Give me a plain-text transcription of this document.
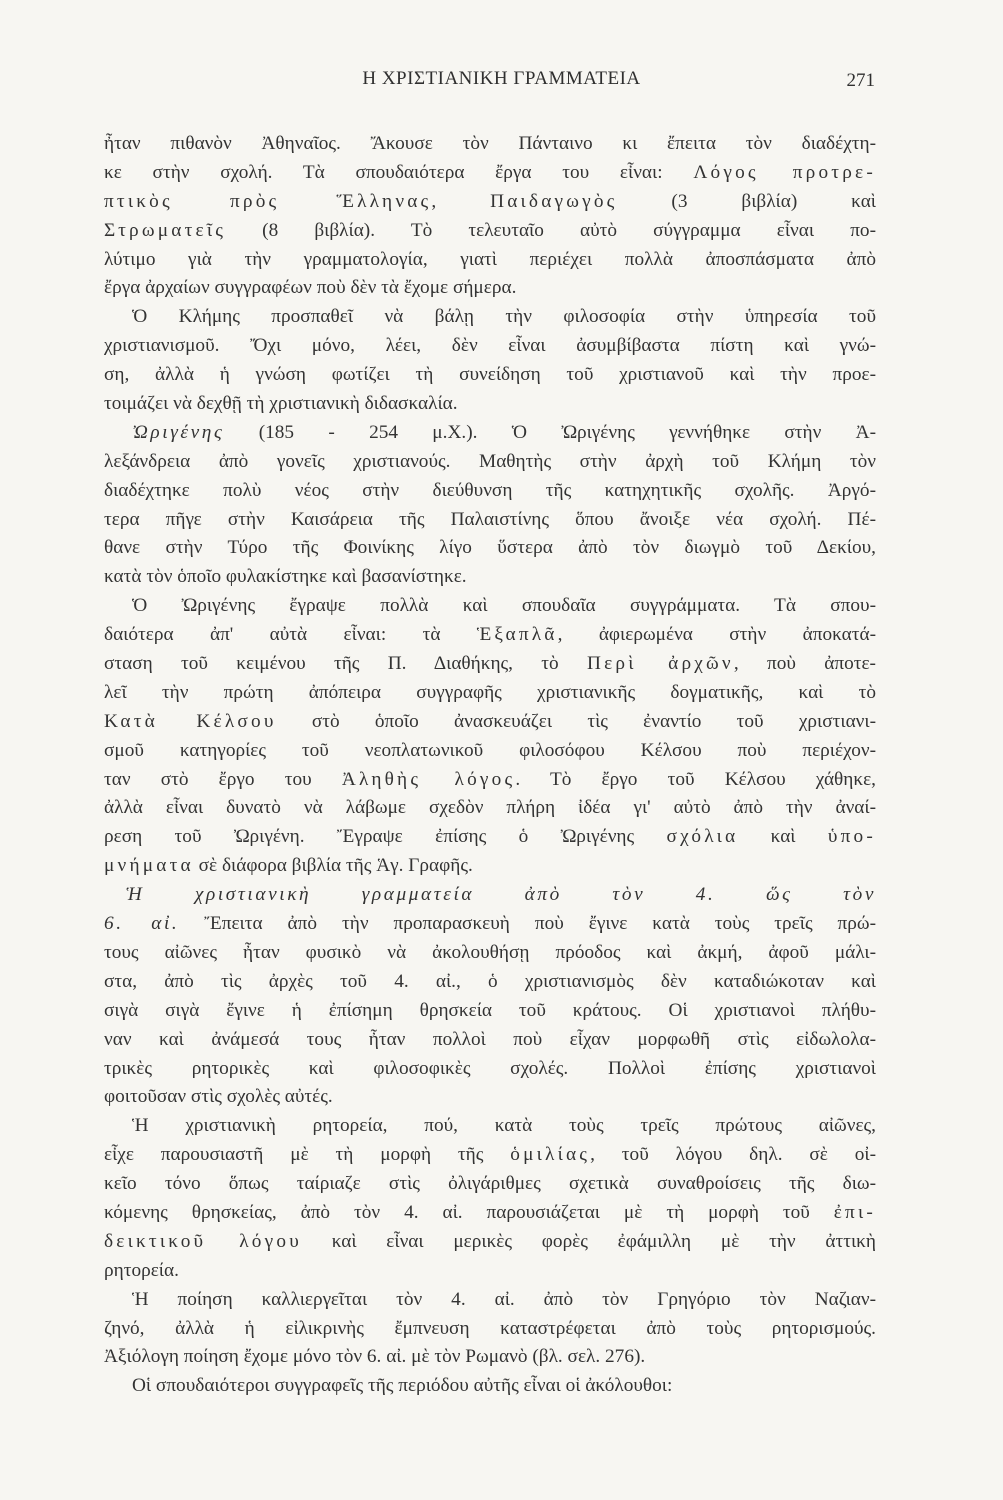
Η ΧΡΙΣΤΙΑΝΙΚΗ ΓΡΑΜΜΑΤΕΙΑ	271
ἦταν πιθανὸν Ἀθηναῖος. Ἄκουσε τὸν Πάνταινο κι ἔπειτα τὸν διαδέχτη-
κε στὴν σχολή. Τὰ σπουδαιότερα ἔργα του εἶναι: Λόγος προτρε-
πτικὸς πρὸς Ἕλληνας, Παιδαγωγὸς (3 βιβλία) καὶ
Στρωματεῖς (8 βιβλία). Τὸ τελευταῖο αὐτὸ σύγγραμμα εἶναι πο-
λύτιμο γιὰ τὴν γραμματολογία, γιατὶ περιέχει πολλὰ ἀποσπάσματα ἀπὸ
ἔργα ἀρχαίων συγγραφέων ποὺ δὲν τὰ ἔχομε σήμερα.
Ὁ Κλήμης προσπαθεῖ νὰ βάλῃ τὴν φιλοσοφία στὴν ὑπηρεσία τοῦ
χριστιανισμοῦ. Ὄχι μόνο, λέει, δὲν εἶναι ἀσυμβίβαστα πίστη καὶ γνώ-
ση, ἀλλὰ ἡ γνώση φωτίζει τὴ συνείδηση τοῦ χριστιανοῦ καὶ τὴν προε-
τοιμάζει νὰ δεχθῇ τὴ χριστιανικὴ διδασκαλία.
Ὠριγένης (185 - 254 μ.Χ.). Ὁ Ὠριγένης γεννήθηκε στὴν Ἀ-
λεξάνδρεια ἀπὸ γονεῖς χριστιανούς. Μαθητὴς στὴν ἀρχὴ τοῦ Κλήμη τὸν
διαδέχτηκε πολὺ νέος στὴν διεύθυνση τῆς κατηχητικῆς σχολῆς. Ἀργό-
τερα πῆγε στὴν Καισάρεια τῆς Παλαιστίνης ὅπου ἄνοιξε νέα σχολή. Πέ-
θανε στὴν Τύρο τῆς Φοινίκης λίγο ὕστερα ἀπὸ τὸν διωγμὸ τοῦ Δεκίου,
κατὰ τὸν ὁποῖο φυλακίστηκε καὶ βασανίστηκε.
Ὁ Ὠριγένης ἔγραψε πολλὰ καὶ σπουδαῖα συγγράμματα. Τὰ σπου-
δαιότερα ἀπ' αὐτὰ εἶναι: τὰ Ἑξαπλᾶ, ἀφιερωμένα στὴν ἀποκατά-
σταση τοῦ κειμένου τῆς Π. Διαθήκης, τὸ Περὶ ἀρχῶν, ποὺ ἀποτε-
λεῖ τὴν πρώτη ἀπόπειρα συγγραφῆς χριστιανικῆς δογματικῆς, καὶ τὸ
Κατὰ Κέλσου στὸ ὁποῖο ἀνασκευάζει τὶς ἐναντίο τοῦ χριστιανι-
σμοῦ κατηγορίες τοῦ νεοπλατωνικοῦ φιλοσόφου Κέλσου ποὺ περιέχον-
ταν στὸ ἔργο του Ἀληθὴς λόγος. Τὸ ἔργο τοῦ Κέλσου χάθηκε,
ἀλλὰ εἶναι δυνατὸ νὰ λάβωμε σχεδὸν πλήρη ἰδέα γι' αὐτὸ ἀπὸ τὴν ἀναί-
ρεση τοῦ Ὠριγένη. Ἔγραψε ἐπίσης ὁ Ὠριγένης σχόλια καὶ ὑπο-
μνήματα σὲ διάφορα βιβλία τῆς Ἁγ. Γραφῆς.
Ἡ χριστιανικὴ γραμματεία ἀπὸ τὸν 4. ὥς τὸν
6. αἰ. Ἔπειτα ἀπὸ τὴν προπαρασκευὴ ποὺ ἔγινε κατὰ τοὺς τρεῖς πρώ-
τους αἰῶνες ἦταν φυσικὸ νὰ ἀκολουθήσῃ πρόοδος καὶ ἀκμή, ἀφοῦ μάλι-
στα, ἀπὸ τὶς ἀρχὲς τοῦ 4. αἰ., ὁ χριστιανισμὸς δὲν καταδιώκοταν καὶ
σιγὰ σιγὰ ἔγινε ἡ ἐπίσημη θρησκεία τοῦ κράτους. Οἱ χριστιανοὶ πλήθυ-
ναν καὶ ἀνάμεσά τους ἦταν πολλοὶ ποὺ εἶχαν μορφωθῆ στὶς εἰδωλολα-
τρικὲς ρητορικὲς καὶ φιλοσοφικὲς σχολές. Πολλοὶ ἐπίσης χριστιανοὶ
φοιτοῦσαν στὶς σχολὲς αὐτές.
Ἡ χριστιανικὴ ρητορεία, πού, κατὰ τοὺς τρεῖς πρώτους αἰῶνες,
εἶχε παρουσιαστῆ μὲ τὴ μορφὴ τῆς ὁμιλίας, τοῦ λόγου δηλ. σὲ οἰ-
κεῖο τόνο ὅπως ταίριαζε στὶς ὀλιγάριθμες σχετικὰ συναθροίσεις τῆς διω-
κόμενης θρησκείας, ἀπὸ τὸν 4. αἰ. παρουσιάζεται μὲ τὴ μορφὴ τοῦ ἐπι-
δεικτικοῦ λόγου καὶ εἶναι μερικὲς φορὲς ἐφάμιλλη μὲ τὴν ἀττικὴ
ρητορεία.
Ἡ ποίηση καλλιεργεῖται τὸν 4. αἰ. ἀπὸ τὸν Γρηγόριο τὸν Ναζιαν-
ζηνό, ἀλλὰ ἡ εἰλικρινὴς ἔμπνευση καταστρέφεται ἀπὸ τοὺς ρητορισμούς.
Ἀξιόλογη ποίηση ἔχομε μόνο τὸν 6. αἰ. μὲ τὸν Ρωμανὸ (βλ. σελ. 276).
Οἱ σπουδαιότεροι συγγραφεῖς τῆς περιόδου αὐτῆς εἶναι οἱ ἀκόλουθοι:
